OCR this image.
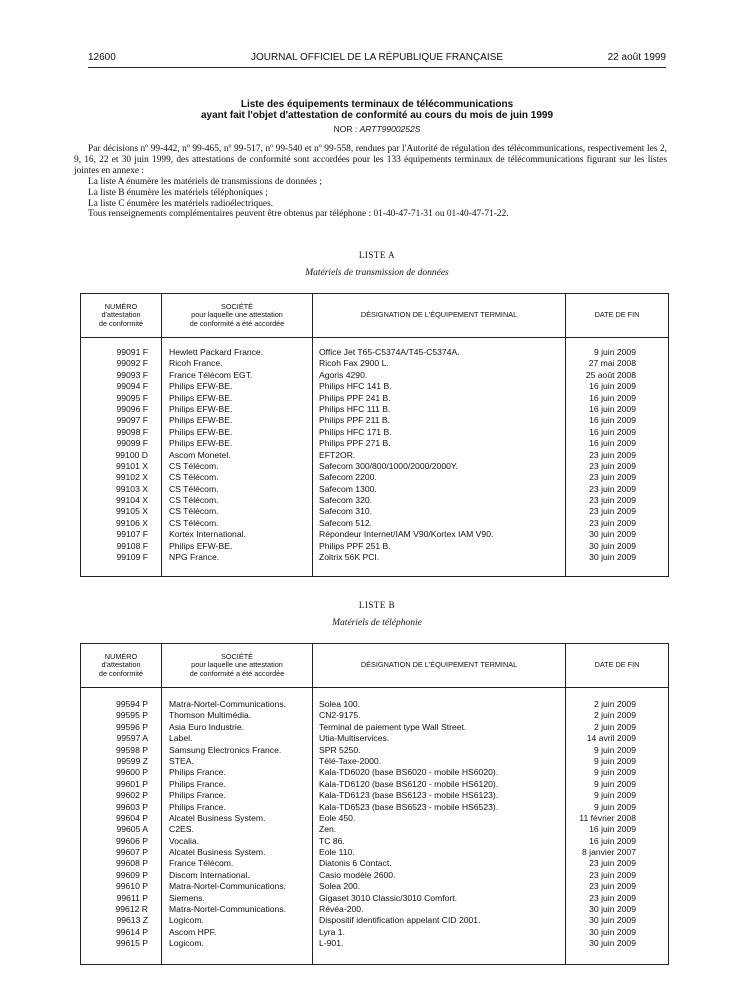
12600	JOURNAL OFFICIEL DE LA RÉPUBLIQUE FRANÇAISE	22 août 1999
Liste des équipements terminaux de télécommunications
ayant fait l'objet d'attestation de conformité au cours du mois de juin 1999
NOR : ARTT9900252S

Par décisions nº 99-442, nº 99-465, nº 99-517, nº 99-540 et nº 99-558, rendues par l'Autorité de régulation des télécommunications, respectivement les 2, 9, 16, 22 et 30 juin 1999, des attestations de conformité sont accordées pour les 133 équipements terminaux de télécommunications figurant sur les listes jointes en annexe :

La liste A énumère les matériels de transmissions de données ;

La liste B énumère les matériels téléphoniques ;

La liste C énumère les matériels radioélectriques.

Tous renseignements complémentaires peuvent être obtenus par téléphone : 01-40-47-71-31 ou 01-40-47-71-22.

LISTE A
Matériels de transmission de données
NUMÉRO
d'attestation
de conformité
SOCIÉTÉ
pour laquelle une attestation
de conformité a été accordée
DÉSIGNATION DE L'ÉQUIPEMENT TERMINAL	DATE DE FIN
99091 F Hewlett Packard France.	Office Jet T65-C5374A/T45-C5374A.	9 juin 2009
99092 F Ricoh France.	Ricoh Fax 2900 L.	27 mai 2008
99093 F France Télécom EGT.	Agoris 4290.	25 août 2008
99094 F Philips EFW-BE.	Philips HFC 141 B.	16 juin 2009
99095 F Philips EFW-BE.	Philips PPF 241 B.	16 juin 2009
99096 F Philips EFW-BE.	Philips HFC 111 B.	16 juin 2009
99097 F Philips EFW-BE.	Philips PPF 211 B.	16 juin 2009
99098 F Philips EFW-BE.	Philips HFC 171 B.	16 juin 2009
99099 F Philips EFW-BE.	Philips PPF 271 B.	16 juin 2009
99100 D Ascom Monetel.	EFT2OR.	23 juin 2009
99101 X CS Télécom.	Safecom 300/800/1000/2000/2000Y.	23 juin 2009
99102 X CS Télécom.	Safecom 2200.	23 juin 2009
99103 X CS Télécom.	Safecom 1300.	23 juin 2009
99104 X CS Télécom.	Safecom 320.	23 juin 2009
99105 X CS Télécom.	Safecom 310.	23 juin 2009
99106 X CS Télécom.	Safecom 512.	23 juin 2009
99107 F Kortex International.	Répondeur Internet/IAM V90/Kortex IAM V90.	30 juin 2009
99108 F Philips EFW-BE.	Philips PPF 251 B.	30 juin 2009
99109 F NPG France.	Zoltrix 56K PCI.	30 juin 2009
LISTE B
Matériels de téléphonie
NUMÉRO
d'attestation
de conformité
SOCIÉTÉ
pour laquelle une attestation
de conformité a été accordée
DÉSIGNATION DE L'ÉQUIPEMENT TERMINAL	DATE DE FIN
99594 P Matra-Nortel-Communications.	Solea 100.	2 juin 2009
99595 P Thomson Multimédia.	CN2-9175.	2 juin 2009
99596 P Asia Euro Industrie.	Terminal de paiement type Wall Street.	2 juin 2009
99597 A Label.	Utia-Multiservices.	14 avril 2009
99598 P Samsung Electronics France.	SPR 5250.	9 juin 2009
99599 Z STEA.	Télé-Taxe-2000.	9 juin 2009
99600 P Philips France.	Kala-TD6020 (base BS6020 - mobile HS6020).	9 juin 2009
99601 P Philips France.	Kala-TD6120 (base BS6120 - mobile HS6120).	9 juin 2009
99602 P Philips France.	Kala-TD6123 (base BS6123 - mobile HS6123).	9 juin 2009
99603 P Philips France.	Kala-TD6523 (base BS6523 - mobile HS6523).	9 juin 2009
99604 P Alcatel Business System.	Eole 450.	11 février 2008
99605 A C2ES.	Zen.	16 juin 2009
99606 P Vocalia.	TC 86.	16 juin 2009
99607 P Alcatel Business System.	Eole 110.	8 janvier 2007
99608 P France Télécom.	Diatonis 6 Contact.	23 juin 2009
99609 P Discom International.	Casio modèle 2600.	23 juin 2009
99610 P Matra-Nortel-Communications.	Solea 200.	23 juin 2009
99611 P Siemens.	Gigaset 3010 Classic/3010 Comfort.	23 juin 2009
99612 R Matra-Nortel-Communications.	Révéa-200.	30 juin 2009
99613 Z Logicom.	Dispositif identification appelant CID 2001.	30 juin 2009
99614 P Ascom HPF.	Lyra 1.	30 juin 2009
99615 P Logicom.	L-901.	30 juin 2009
